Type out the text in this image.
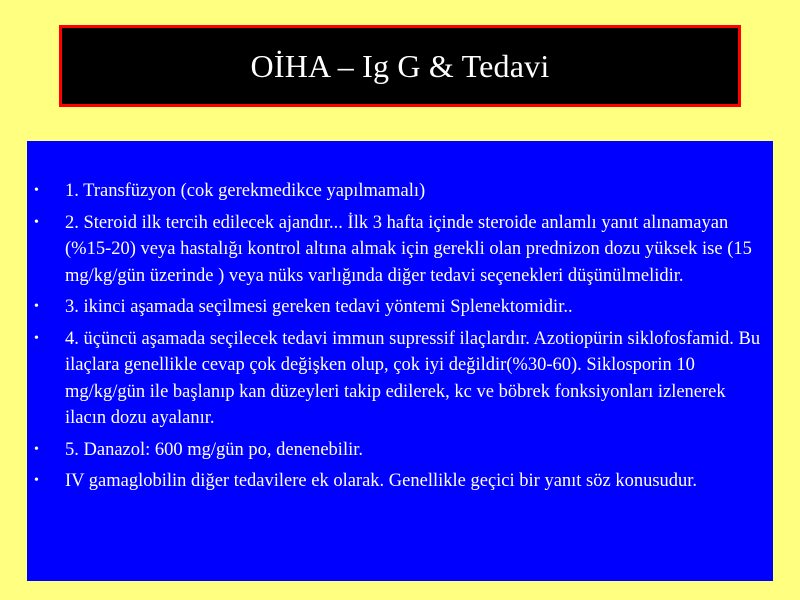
OİHA – Ig G & Tedavi
• 1. Transfüzyon (cok gerekmedikce yapılmamalı)
• 2. Steroid ilk tercih edilecek ajandır... İlk 3 hafta içinde steroide anlamlı yanıt alınamayan (%15-20) veya hastalığı kontrol altına almak için gerekli olan prednizon dozu yüksek ise (15 mg/kg/gün üzerinde ) veya nüks varlığında diğer tedavi seçenekleri düşünülmelidir.
• 3. ikinci aşamada seçilmesi gereken tedavi yöntemi Splenektomidir..
• 4. üçüncü aşamada seçilecek tedavi immun supressif ilaçlardır. Azotiopürin siklofosfamid. Bu ilaçlara genellikle cevap çok değişken olup, çok iyi değildir(%30-60). Siklosporin 10 mg/kg/gün ile başlanıp kan düzeyleri takip edilerek, kc ve böbrek fonksiyonları izlenerek ilacın dozu ayalanır.
• 5. Danazol: 600 mg/gün po, denenebilir.
• IV gamaglobilin diğer tedavilere ek olarak. Genellikle geçici bir yanıt söz konusudur.
